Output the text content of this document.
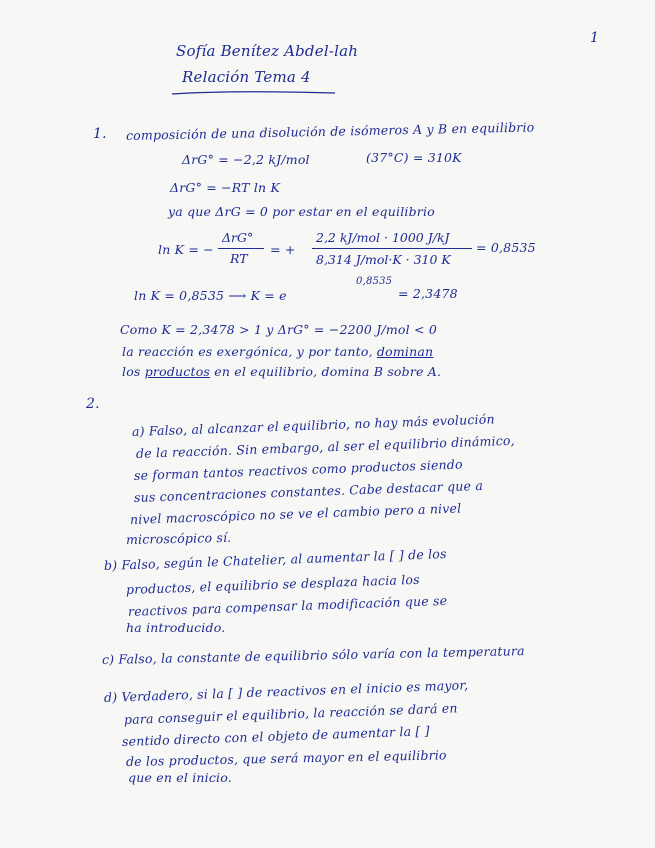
1
Sofía Benítez Abdel-lah
Relación Tema 4
1. composición de una disolución de isómeros A y B en equilibrio
ΔrG° = −2,2 kJ/mol	(37°C) = 310K
ΔrG° = −RT ln K
ya que ΔrG = 0 por estar en el equilibrio
ln K = −
ΔrG°
RT
= +
2,2 kJ/mol · 1000 J/kJ
8,314 J/mol·K · 310 K
= 0,8535
ln K = 0,8535 ⟶ K = e
0,8535
= 2,3478
Como K = 2,3478 > 1 y ΔrG° = −2200 J/mol < 0
la reacción es exergónica, y por tanto, dominan
los productos en el equilibrio, domina B sobre A.
2.
a) Falso, al alcanzar el equilibrio, no hay más evolución
de la reacción. Sin embargo, al ser el equilibrio dinámico,
se forman tantos reactivos como productos siendo
sus concentraciones constantes. Cabe destacar que a
nivel macroscópico no se ve el cambio pero a nivel
microscópico sí.
b) Falso, según le Chatelier, al aumentar la [ ] de los
productos, el equilibrio se desplaza hacia los
reactivos para compensar la modificación que se
ha introducido.
c) Falso, la constante de equilibrio sólo varía con la temperatura
d) Verdadero, si la [ ] de reactivos en el inicio es mayor,
para conseguir el equilibrio, la reacción se dará en
sentido directo con el objeto de aumentar la [ ]
de los productos, que será mayor en el equilibrio
que en el inicio.
